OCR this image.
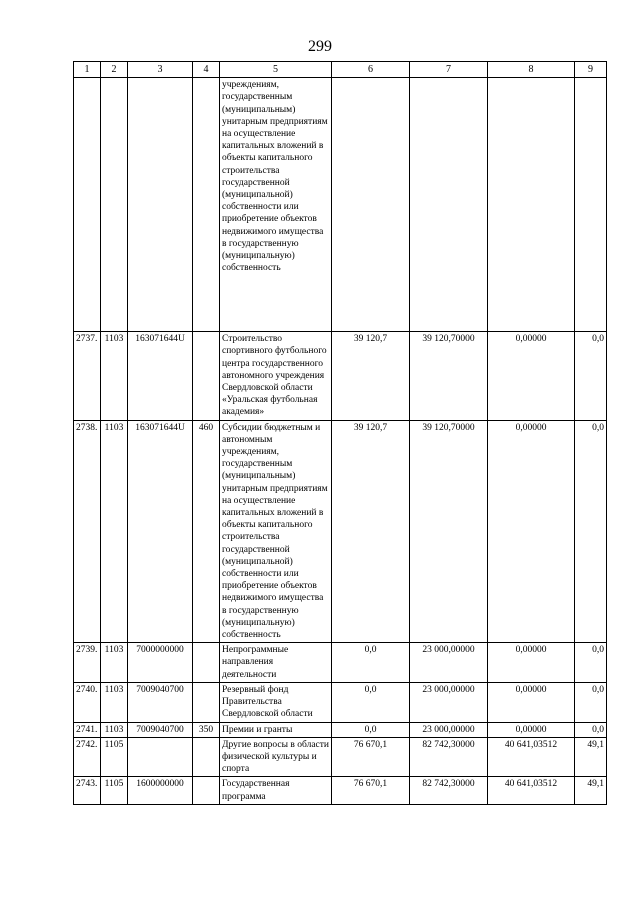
299
1	2	3	4	5	6	7	8	9
				учреждениям, государственным (муниципальным) унитарным предприятиям на осуществление капитальных вложений в объекты капитального строительства государственной (муниципальной) собственности или приобретение объектов недвижимого имущества в государственную (муниципальную) собственность				
2737.	1103	163071644U		Строительство спортивного футбольного центра государственного автономного учреждения Свердловской области «Уральская футбольная академия»	39 120,7	39 120,70000	0,00000	0,0
2738.	1103	163071644U	460	Субсидии бюджетным и автономным учреждениям, государственным (муниципальным) унитарным предприятиям на осуществление капитальных вложений в объекты капитального строительства государственной (муниципальной) собственности или приобретение объектов недвижимого имущества в государственную (муниципальную) собственность	39 120,7	39 120,70000	0,00000	0,0
2739.	1103	7000000000		Непрограммные направления деятельности	0,0	23 000,00000	0,00000	0,0
2740.	1103	7009040700		Резервный фонд Правительства Свердловской области	0,0	23 000,00000	0,00000	0,0
2741.	1103	7009040700	350	Премии и гранты	0,0	23 000,00000	0,00000	0,0
2742.	1105			Другие вопросы в области физической культуры и спорта	76 670,1	82 742,30000	40 641,03512	49,1
2743.	1105	1600000000		Государственная программа	76 670,1	82 742,30000	40 641,03512	49,1
